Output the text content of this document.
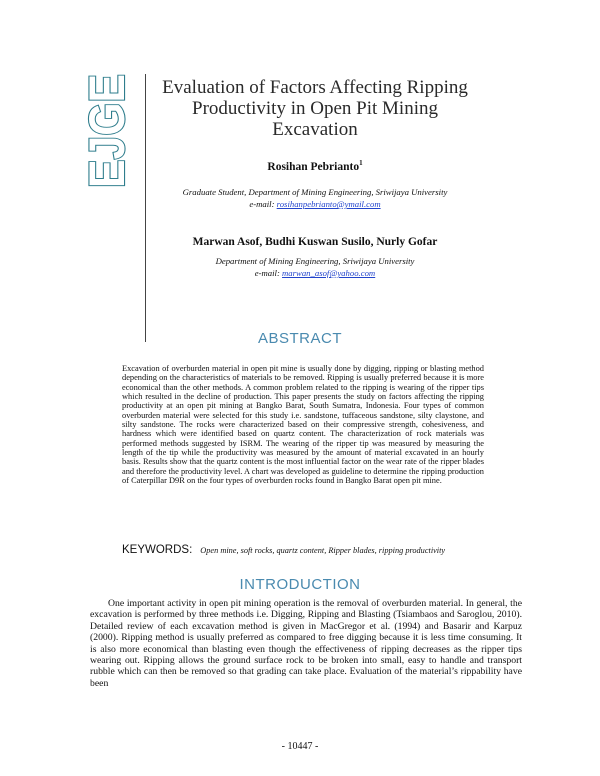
EJGE	Evaluation of Factors Affecting Ripping
Productivity in Open Pit Mining
Excavation
Rosihan Pebrianto$^1$
Graduate Student, Department of Mining Engineering, Sriwijaya University
e-mail: rosihanpebrianto@ymail.com
Marwan Asof, Budhi Kuswan Susilo, Nurly Gofar
Department of Mining Engineering, Sriwijaya University
e-mail: marwan_asof@yahoo.com
ABSTRACT
Excavation of overburden material in open pit mine is usually done by digging, ripping or blasting method depending on the characteristics of materials to be removed. Ripping is usually preferred because it is more economical than the other methods. A common problem related to the ripping is wearing of the ripper tips which resulted in the decline of production. This paper presents the study on factors affecting the ripping productivity at an open pit mining at Bangko Barat, South Sumatra, Indonesia. Four types of common overburden material were selected for this study i.e. sandstone, tuffaceous sandstone, silty claystone, and silty sandstone. The rocks were characterized based on their compressive strength, cohesiveness, and hardness which were identified based on quartz content. The characterization of rock materials was performed methods suggested by ISRM. The wearing of the ripper tip was measured by measuring the length of the tip while the productivity was measured by the amount of material excavated in an hourly basis. Results show that the quartz content is the most influential factor on the wear rate of the ripper blades and therefore the productivity level. A chart was developed as guideline to determine the ripping production of Caterpillar D9R on the four types of overburden rocks found in Bangko Barat open pit mine.
KEYWORDS: Open mine, soft rocks, quartz content, Ripper blades, ripping productivity
INTRODUCTION

One important activity in open pit mining operation is the removal of overburden material. In general, the excavation is performed by three methods i.e. Digging, Ripping and Blasting (Tsiambaos and Saroglou, 2010). Detailed review of each excavation method is given in MacGregor et al. (1994) and Basarir and Karpuz (2000). Ripping method is usually preferred as compared to free digging because it is less time consuming. It is also more economical than blasting even though the effectiveness of ripping decreases as the ripper tips wearing out. Ripping allows the ground surface rock to be broken into small, easy to handle and transport rubble which can then be removed so that grading can take place. Evaluation of the material’s rippability have been

- 10447 -
